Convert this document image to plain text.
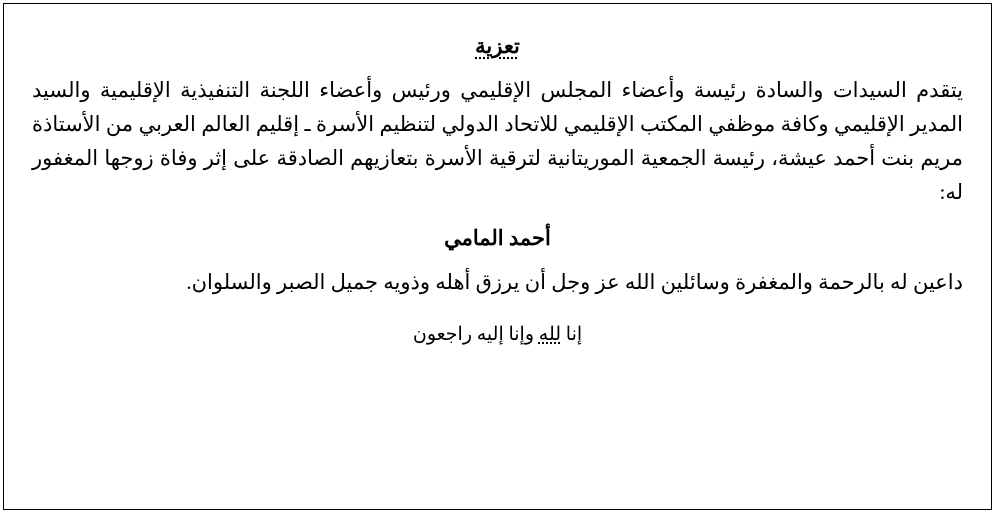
تعزية

يتقدم السيدات والسادة رئيسة وأعضاء المجلس الإقليمي ورئيس وأعضاء اللجنة التنفيذية الإقليمية والسيد المدير الإقليمي وكافة موظفي المكتب الإقليمي للاتحاد الدولي لتنظيم الأسرة ـ إقليم العالم العربي من الأستاذة مريم بنت أحمد عيشة، رئيسة الجمعية الموريتانية لترقية الأسرة بتعازيهم الصادقة على إثر وفاة زوجها المغفور له:

أحمد المامي

داعين له بالرحمة والمغفرة وسائلين الله عز وجل أن يرزق أهله وذويه جميل الصبر والسلوان.

إنا لله وإنا إليه راجعون
